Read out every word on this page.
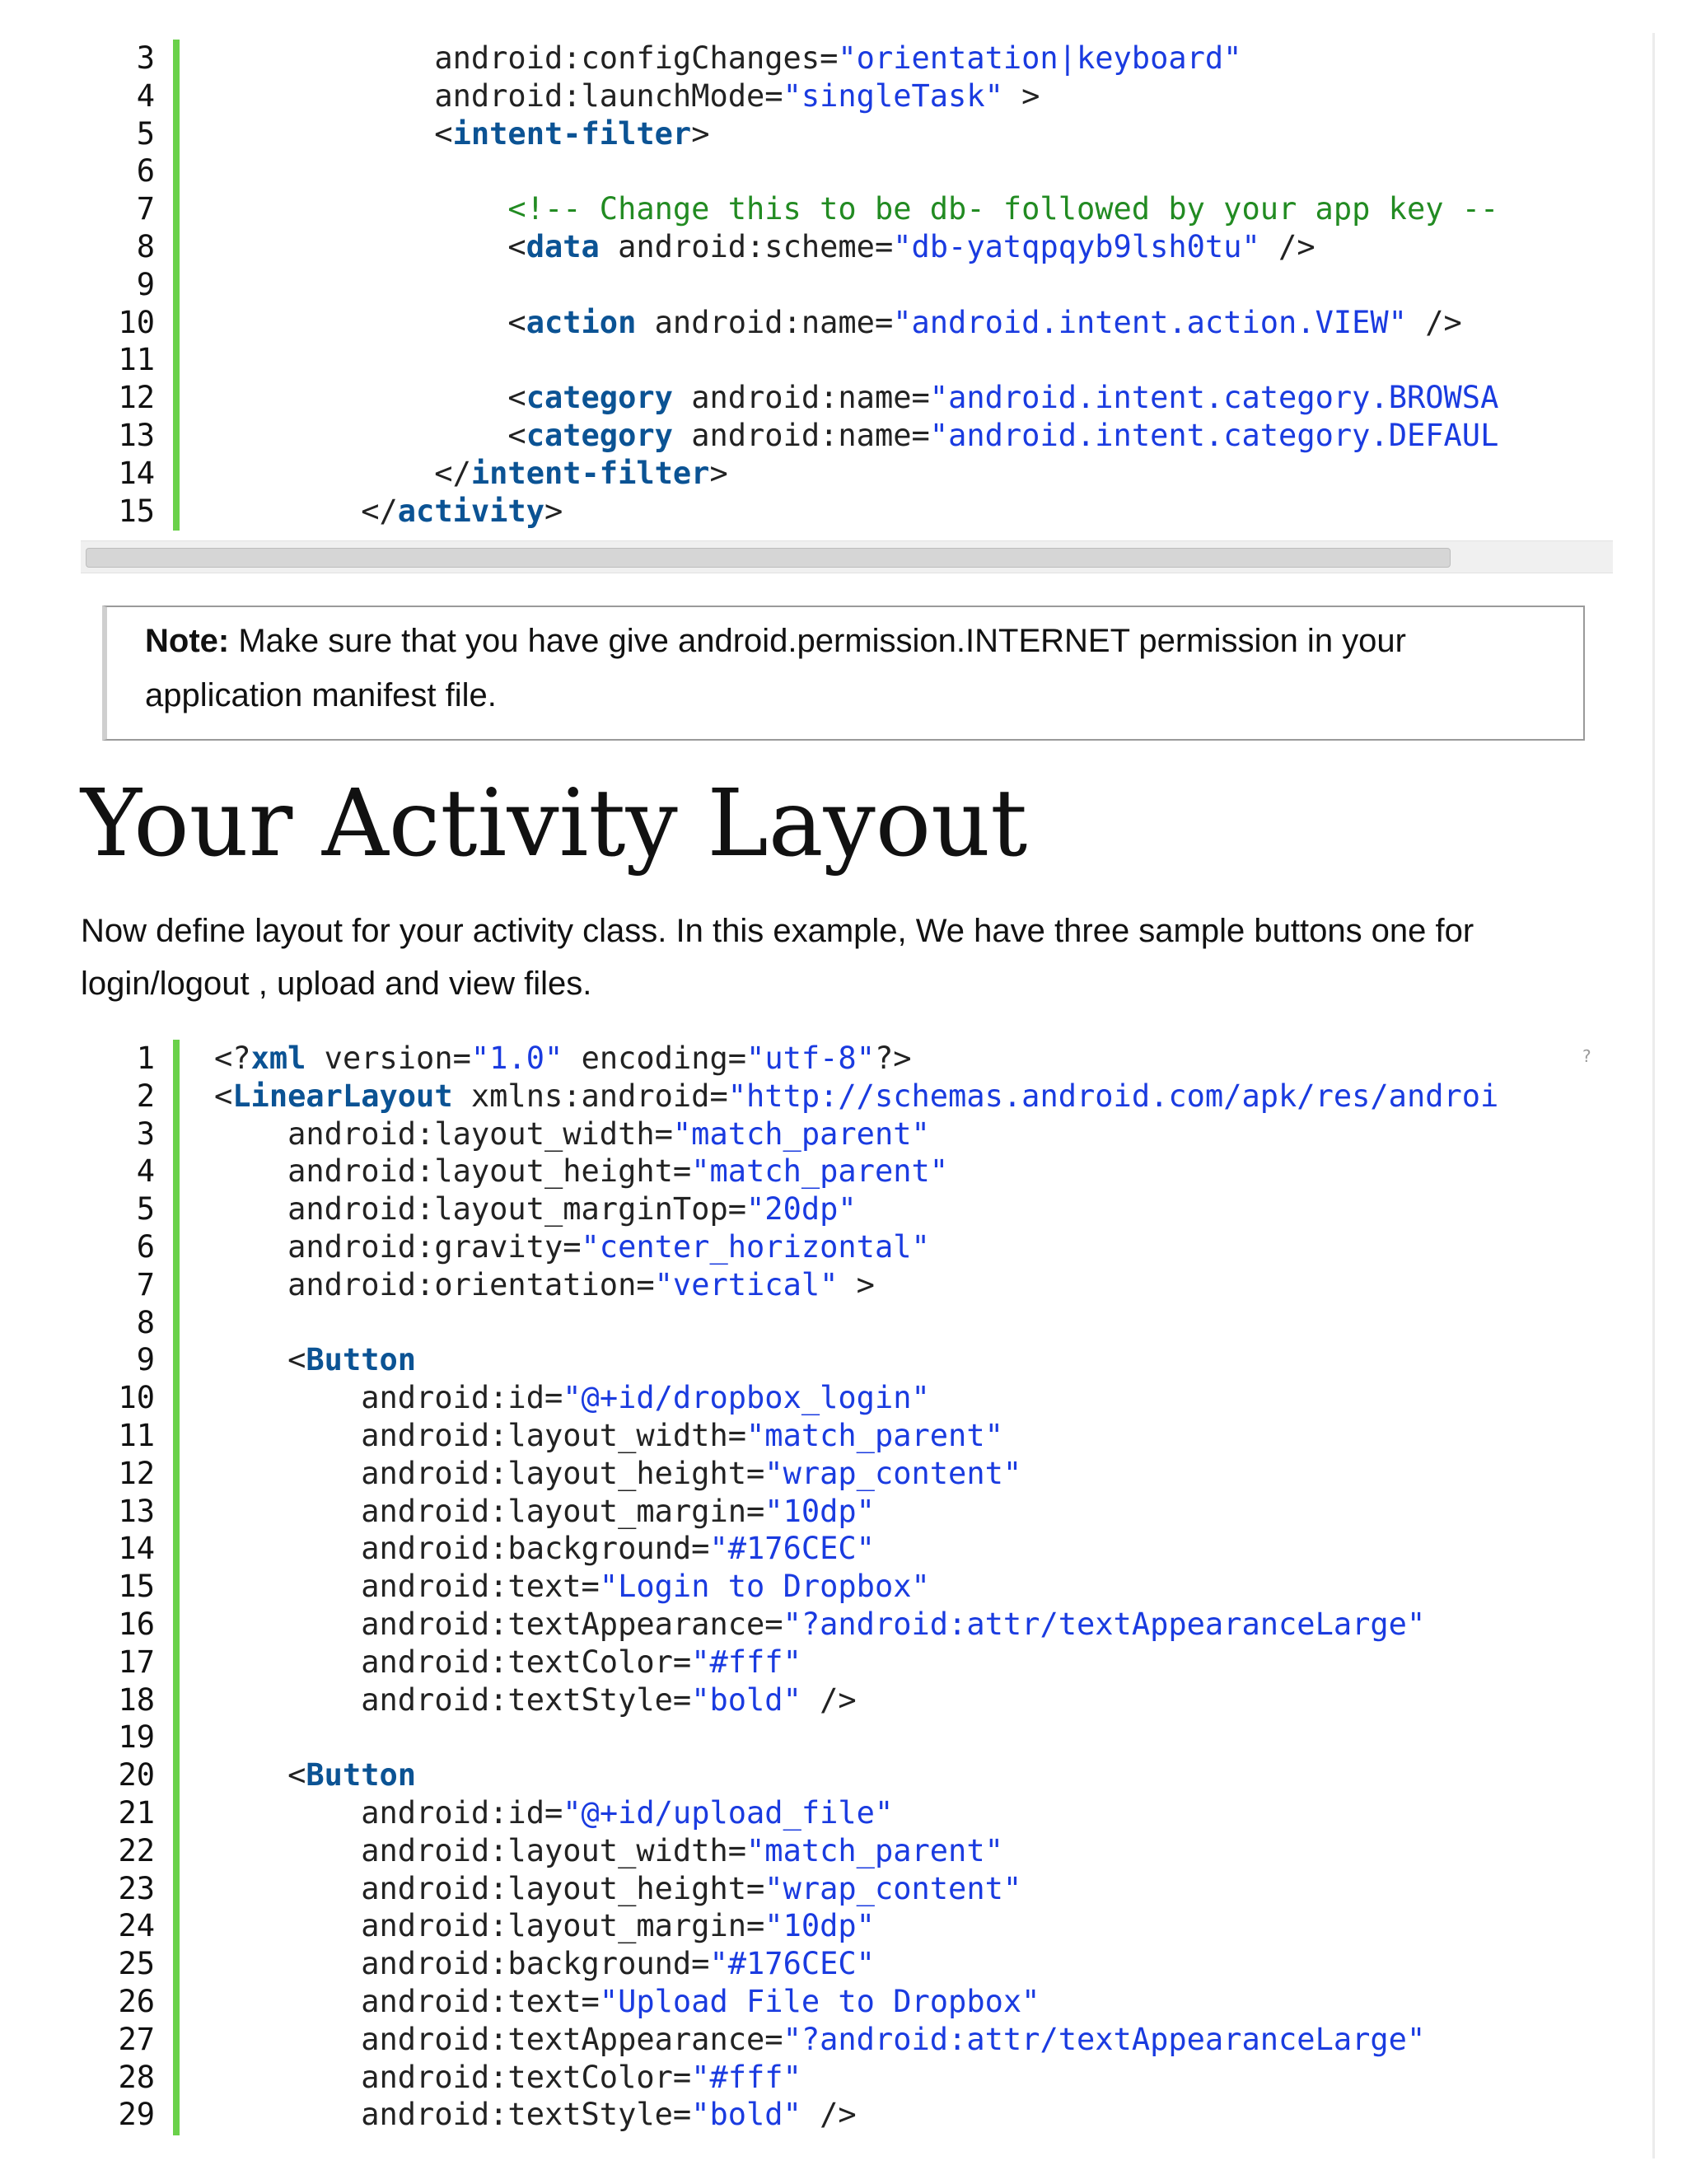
3	android:configChanges="orientation|keyboard"
4	android:launchMode="singleTask" >
5 <intent-filter>
6
7	<!-- Change this to be db- followed by your app key --
8 <data android:scheme="db-yatqpqyb9lsh0tu" />
9
10 <action android:name="android.intent.action.VIEW" />
11
12 <category android:name="android.intent.category.BROWSA
13 <category android:name="android.intent.category.DEFAUL
14 </intent-filter>
15 </activity>
Note: Make sure that you have give android.permission.INTERNET permission in your application manifest file.
Your Activity Layout

Now define layout for your activity class. In this example, We have three sample buttons one for login/logout , upload and view files.

?
1 <?xml version="1.0" encoding="utf-8"?>
2 <LinearLayout xmlns:android="http://schemas.android.com/apk/res/androi
3	android:layout_width="match_parent"
4	android:layout_height="match_parent"
5	android:layout_marginTop="20dp"
6	android:gravity="center_horizontal"
7	android:orientation="vertical" >
8
9 <Button
10	android:id="@+id/dropbox_login"
11	android:layout_width="match_parent"
12	android:layout_height="wrap_content"
13	android:layout_margin="10dp"
14	android:background="#176CEC"
15	android:text="Login to Dropbox"
16	android:textAppearance="?android:attr/textAppearanceLarge"
17	android:textColor="#fff"
18	android:textStyle="bold" />
19
20 <Button
21	android:id="@+id/upload_file"
22	android:layout_width="match_parent"
23	android:layout_height="wrap_content"
24	android:layout_margin="10dp"
25	android:background="#176CEC"
26	android:text="Upload File to Dropbox"
27	android:textAppearance="?android:attr/textAppearanceLarge"
28	android:textColor="#fff"
29	android:textStyle="bold" />
